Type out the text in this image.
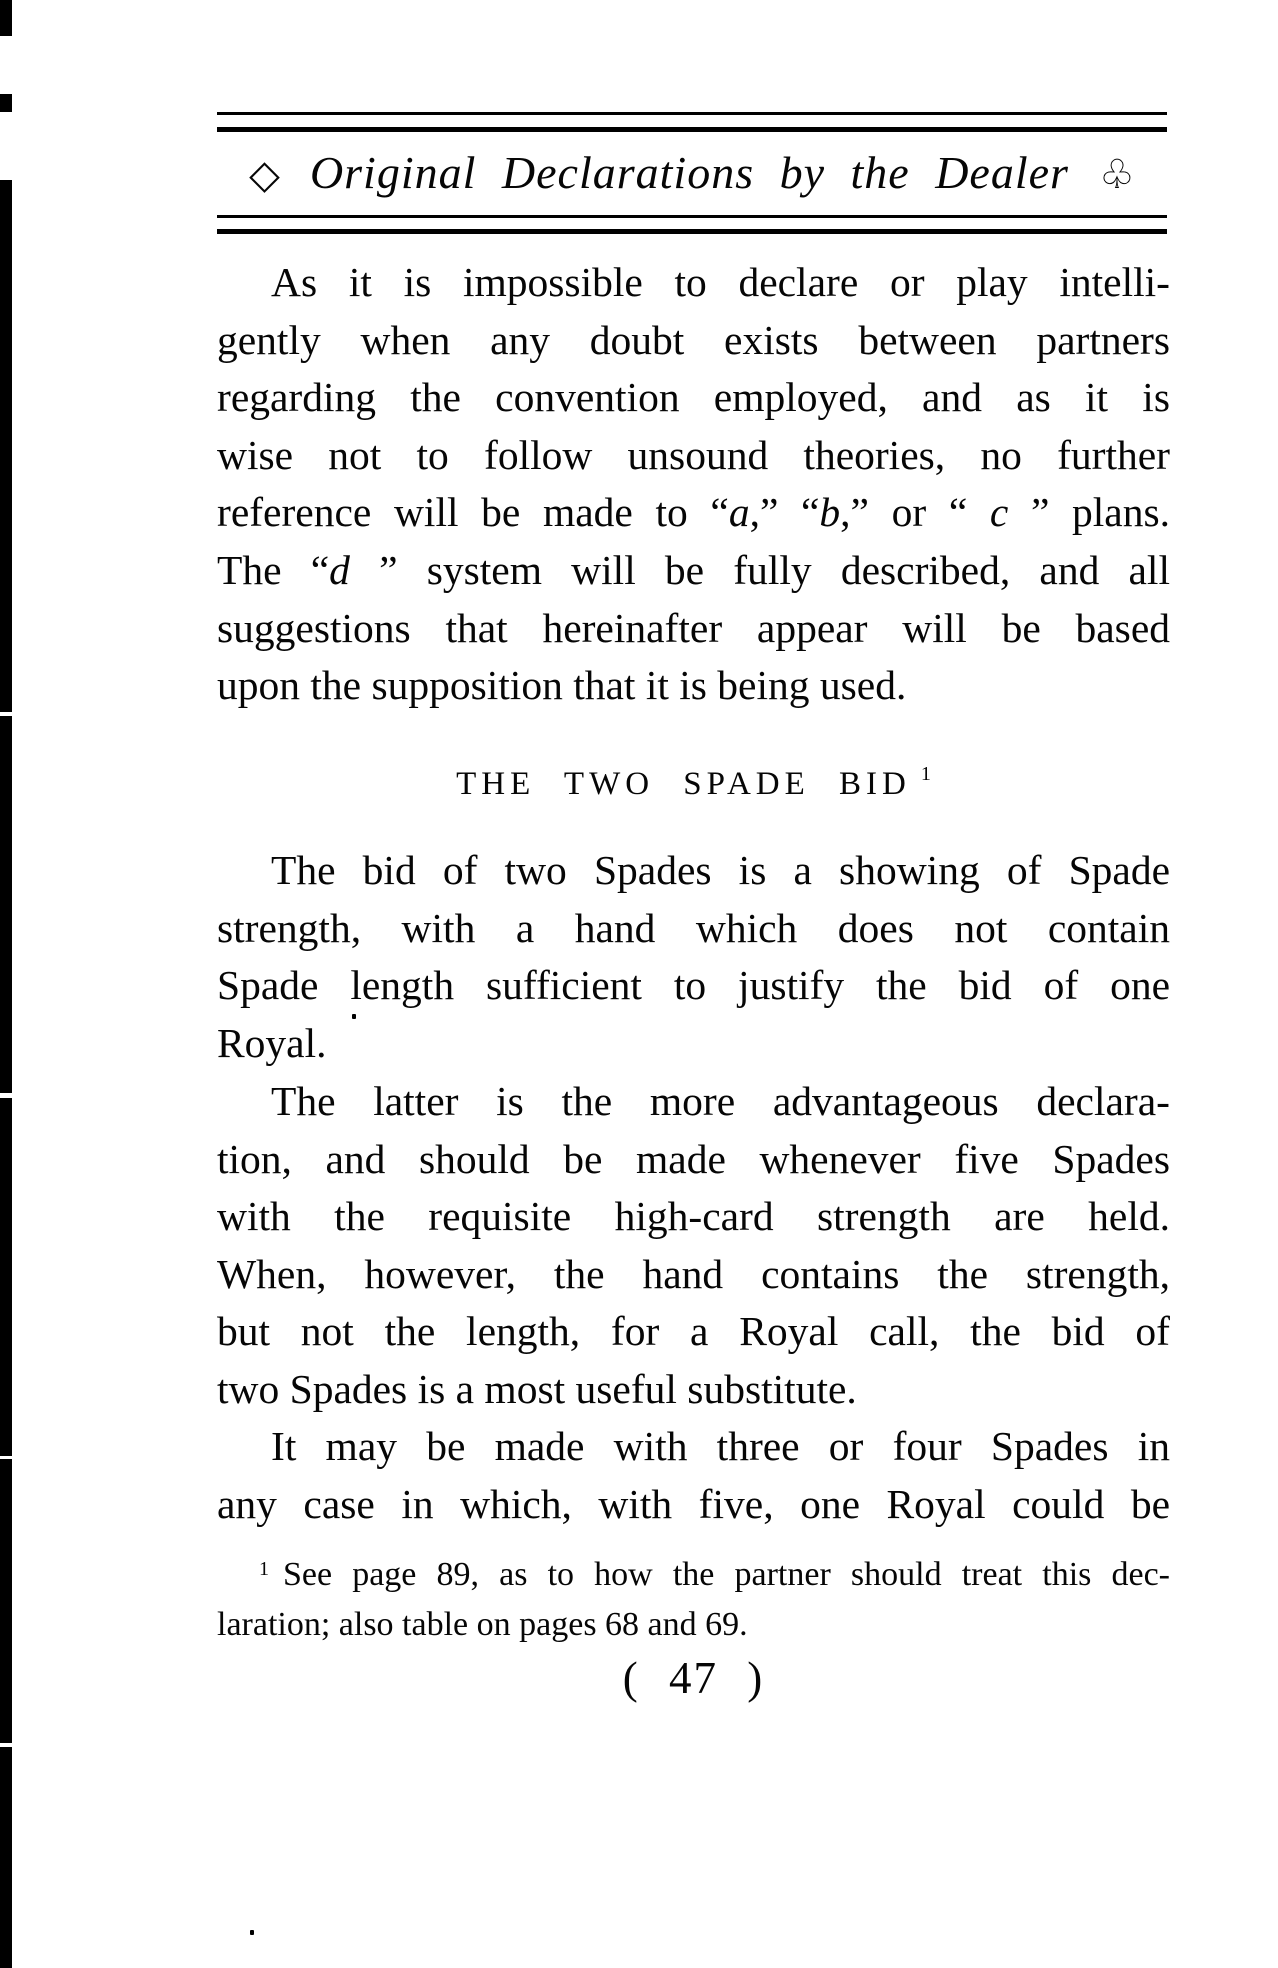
◇ Original Declarations by the Dealer ♧
As it is impossible to declare or play intelli-
gently when any doubt exists between partners
regarding the convention employed, and as it is
wise not to follow unsound theories, no further
reference will be made to “a,” “b,” or “ c ” plans.
The “d ” system will be fully described, and all
suggestions that hereinafter appear will be based
upon the supposition that it is being used.
THE TWO SPADE BID $^1$
The bid of two Spades is a showing of Spade
strength, with a hand which does not contain
Spade length sufficient to justify the bid of one
Royal.
The latter is the more advantageous declara-
tion, and should be made whenever five Spades
with the requisite high-card strength are held.
When, however, the hand contains the strength,
but not the length, for a Royal call, the bid of
two Spades is a most useful substitute.
It may be made with three or four Spades in
any case in which, with five, one Royal could be
$^1$ See page 89, as to how the partner should treat this dec-
laration; also table on pages 68 and 69.
( 47 )
